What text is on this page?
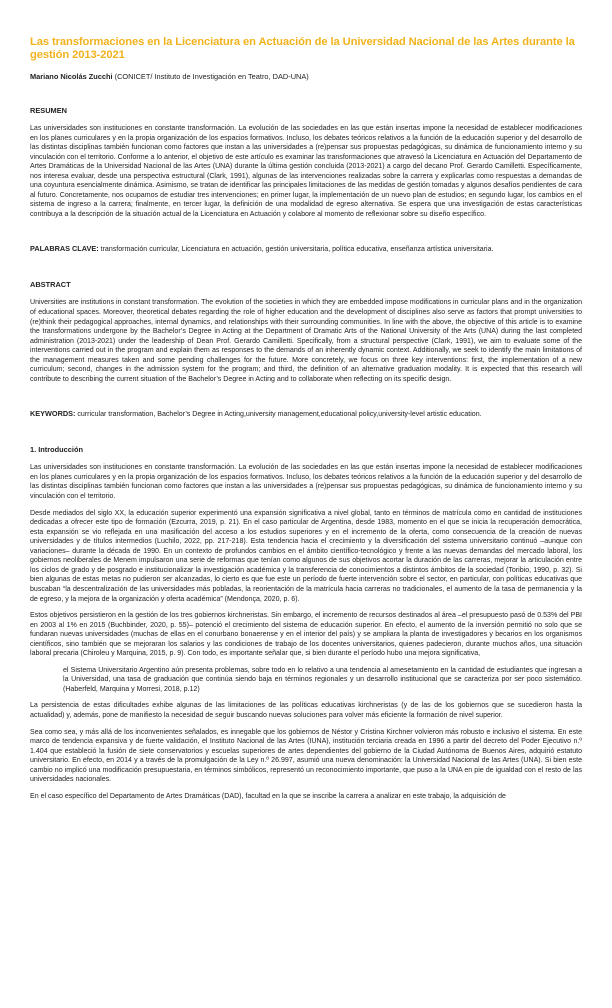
Las transformaciones en la Licenciatura en Actuación de la Universidad Nacional de las Artes durante la gestión 2013-2021
Mariano Nicolás Zucchi (CONICET/ Instituto de Investigación en Teatro, DAD-UNA)
RESUMEN

Las universidades son instituciones en constante transformación. La evolución de las sociedades en las que están insertas impone la necesidad de establecer modificaciones en los planes curriculares y en la propia organización de los espacios formativos. Incluso, los debates teóricos relativos a la función de la educación superior y del desarrollo de las distintas disciplinas también funcionan como factores que instan a las universidades a (re)pensar sus propuestas pedagógicas, su dinámica de funcionamiento interno y su vinculación con el territorio. Conforme a lo anterior, el objetivo de este artículo es examinar las transformaciones que atravesó la Licenciatura en Actuación del Departamento de Artes Dramáticas de la Universidad Nacional de las Artes (UNA) durante la última gestión concluida (2013-2021) a cargo del decano Prof. Gerardo Camilletti. Específicamente, nos interesa evaluar, desde una perspectiva estructural (Clark, 1991), algunas de las intervenciones realizadas sobre la carrera y explicarlas como respuestas a demandas de una coyuntura esencialmente dinámica. Asimismo, se tratan de identificar las principales limitaciones de las medidas de gestión tomadas y algunos desafíos pendientes de cara al futuro. Concretamente, nos ocupamos de estudiar tres intervenciones; en primer lugar, la implementación de un nuevo plan de estudios; en segundo lugar, los cambios en el sistema de ingreso a la carrera; finalmente, en tercer lugar, la definición de una modalidad de egreso alternativa. Se espera que una investigación de estas características contribuya a la descripción de la situación actual de la Licenciatura en Actuación y colabore al momento de reflexionar sobre su diseño específico.

PALABRAS CLAVE: transformación curricular, Licenciatura en actuación, gestión universitaria, política educativa, enseñanza artística universitaria.
ABSTRACT

Universities are institutions in constant transformation. The evolution of the societies in which they are embedded impose modifications in curricular plans and in the organization of educational spaces. Moreover, theoretical debates regarding the role of higher education and the development of disciplines also serve as factors that prompt universities to (re)think their pedagogical approaches, internal dynamics, and relationships with their surrounding communities. In line with the above, the objective of this article is to examine the transformations undergone by the Bachelor’s Degree in Acting at the Department of Dramatic Arts of the National University of the Arts (UNA) during the last completed administration (2013-2021) under the leadership of Dean Prof. Gerardo Camilletti. Specifically, from a structural perspective (Clark, 1991), we aim to evaluate some of the interventions carried out in the program and explain them as responses to the demands of an inherently dynamic context. Additionally, we seek to identify the main limitations of the management measures taken and some pending challenges for the future. More concretely, we focus on three key interventions: first, the implementation of a new curriculum; second, changes in the admission system for the program; and third, the definition of an alternative graduation modality. It is expected that this research will contribute to describing the current situation of the Bachelor’s Degree in Acting and to collaborate when reflecting on its specific design.

KEYWORDS: curricular transformation, Bachelor’s Degree in Acting,university management,educational policy,university-level artistic education.
1. Introducción

Las universidades son instituciones en constante transformación. La evolución de las sociedades en las que están insertas impone la necesidad de establecer modificaciones en los planes curriculares y en la propia organización de los espacios formativos. Incluso, los debates teóricos relativos a la función de la educación superior y del desarrollo de las distintas disciplinas también funcionan como factores que instan a las universidades a (re)pensar sus propuestas pedagógicas, su dinámica de funcionamiento interno y su vinculación con el territorio.

Desde mediados del siglo XX, la educación superior experimentó una expansión significativa a nivel global, tanto en términos de matrícula como en cantidad de instituciones dedicadas a ofrecer este tipo de formación (Ezcurra, 2019, p. 21). En el caso particular de Argentina, desde 1983, momento en el que se inicia la recuperación democrática, esta expansión se vio reflejada en una masificación del acceso a los estudios superiores y en el incremento de la oferta, como consecuencia de la creación de nuevas universidades y de títulos intermedios (Luchilo, 2022, pp. 217-218). Esta tendencia hacia el crecimiento y la diversificación del sistema universitario continuó –aunque con variaciones– durante la década de 1990. En un contexto de profundos cambios en el ámbito científico-tecnológico y frente a las nuevas demandas del mercado laboral, los gobiernos neoliberales de Menem impulsaron una serie de reformas que tenían como algunos de sus objetivos acortar la duración de las carreras, mejorar la articulación entre los ciclos de grado y de posgrado e institucionalizar la investigación académica y la transferencia de conocimientos a distintos ámbitos de la sociedad (Toribio, 1990, p. 32). Si bien algunas de estas metas no pudieron ser alcanzadas, lo cierto es que fue este un período de fuerte intervención sobre el sector, en particular, con políticas educativas que buscaban “la descentralización de las universidades más pobladas, la reorientación de la matrícula hacia carreras no tradicionales, el aumento de la tasa de permanencia y la de egreso, y la mejora de la organización y oferta académica” (Mendonça, 2020, p. 6).

Estos objetivos persistieron en la gestión de los tres gobiernos kirchneristas. Sin embargo, el incremento de recursos destinados al área –el presupuesto pasó de 0.53% del PBI en 2003 al 1% en 2015 (Buchbinder, 2020, p. 55)– potenció el crecimiento del sistema de educación superior. En efecto, el aumento de la inversión permitió no solo que se fundaran nuevas universidades (muchas de ellas en el conurbano bonaerense y en el interior del país) y se ampliara la planta de investigadores y becarios en los organismos científicos, sino también que se mejoraran los salarios y las condiciones de trabajo de los docentes universitarios, quienes padecieron, durante muchos años, una situación laboral precaria (Chiroleu y Marquina, 2015, p. 9). Con todo, es importante señalar que, si bien durante el período hubo una mejora significativa,

el Sistema Universitario Argentino aún presenta problemas, sobre todo en lo relativo a una tendencia al amesetamiento en la cantidad de estudiantes que ingresan a la Universidad, una tasa de graduación que continúa siendo baja en términos regionales y un desarrollo institucional que se caracteriza por ser poco sistemático. (Haberfeld, Marquina y Morresi, 2018, p.12)

La persistencia de estas dificultades exhibe algunas de las limitaciones de las políticas educativas kirchneristas (y de las de los gobiernos que se sucedieron hasta la actualidad) y, además, pone de manifiesto la necesidad de seguir buscando nuevas soluciones para volver más eficiente la formación de nivel superior.

Sea como sea, y más allá de los inconvenientes señalados, es innegable que los gobiernos de Néstor y Cristina Kirchner volvieron más robusto e inclusivo el sistema. En este marco de tendencia expansiva y de fuerte validación, el Instituto Nacional de las Artes (IUNA), institución terciaria creada en 1996 a partir del decreto del Poder Ejecutivo n.º 1.404 que estableció la fusión de siete conservatorios y escuelas superiores de artes dependientes del gobierno de la Ciudad Autónoma de Buenos Aires, adquirió estatuto universitario. En efecto, en 2014 y a través de la promulgación de la Ley n.º 26.997, asumió una nueva denominación: la Universidad Nacional de las Artes (UNA). Si bien este cambio no implicó una modificación presupuestaria, en términos simbólicos, representó un reconocimiento importante, que puso a la UNA en pie de igualdad con el resto de las universidades nacionales.

En el caso específico del Departamento de Artes Dramáticas (DAD), facultad en la que se inscribe la carrera a analizar en este trabajo, la adquisición de
